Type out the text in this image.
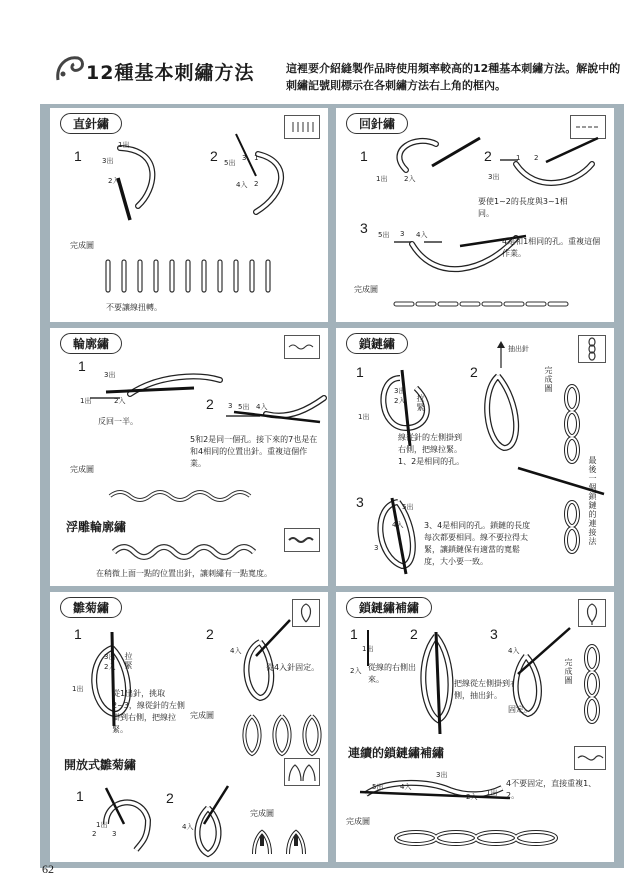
12種基本刺繡方法	這裡要介紹縫製作品時使用頻率較高的12種基本刺繡方法。解說中的刺繡記號則標示在各刺繡方法右上角的框內。
直針繡
1
1出
3出
2入
2 5出
3 1
4入 2
完成圖
不要讓線扭轉。
回針繡
1
1出 2入
2	1 2
3出
要使1~2的長度與3~1相同。
3 5出 3 4入
4是和1相同的孔。重複這個作業。
完成圖
輪廓繡
1
3出
1出	2入
反回一半。
2 3 5出 4入
5和2是同一個孔。接下來的7也是在和4相同的位置出針。重複這個作業。
完成圖
浮雕輪廓繡
在稍微上面一點的位置出針，讓刺繡有一點寬度。
鎖鏈繡
1
3出
2入
1出
拉緊
線從針的左側掛到右側，把線拉緊。1、2是相同的孔。
2
抽出針
完成圖
3	5出
4入
3
3、4是相同的孔。鎖鏈的長度每次都要相同。線不要拉得太緊，讓鎖鏈保有適當的寬鬆度，大小要一致。
最後一個鎖鏈的連接法
雛菊繡
1
3出
2入
1出
拉緊
從1出針，挑取2~3，線從針的左側掛到右側，把線拉緊。
2
4入
從4入針固定。
完成圖
開放式雛菊繡
1
1出
2 3
2
4入
完成圖
鎖鏈繡補繡
1
1出
2
2入 從線的右側出來。	把線從左側掛到右側，抽出針。
3
4入
固定。
完成圖
連續的鎖鏈繡補繡
3出
5出 4入
2入 1出
4不要固定，直接重複1、2。
完成圖
62
